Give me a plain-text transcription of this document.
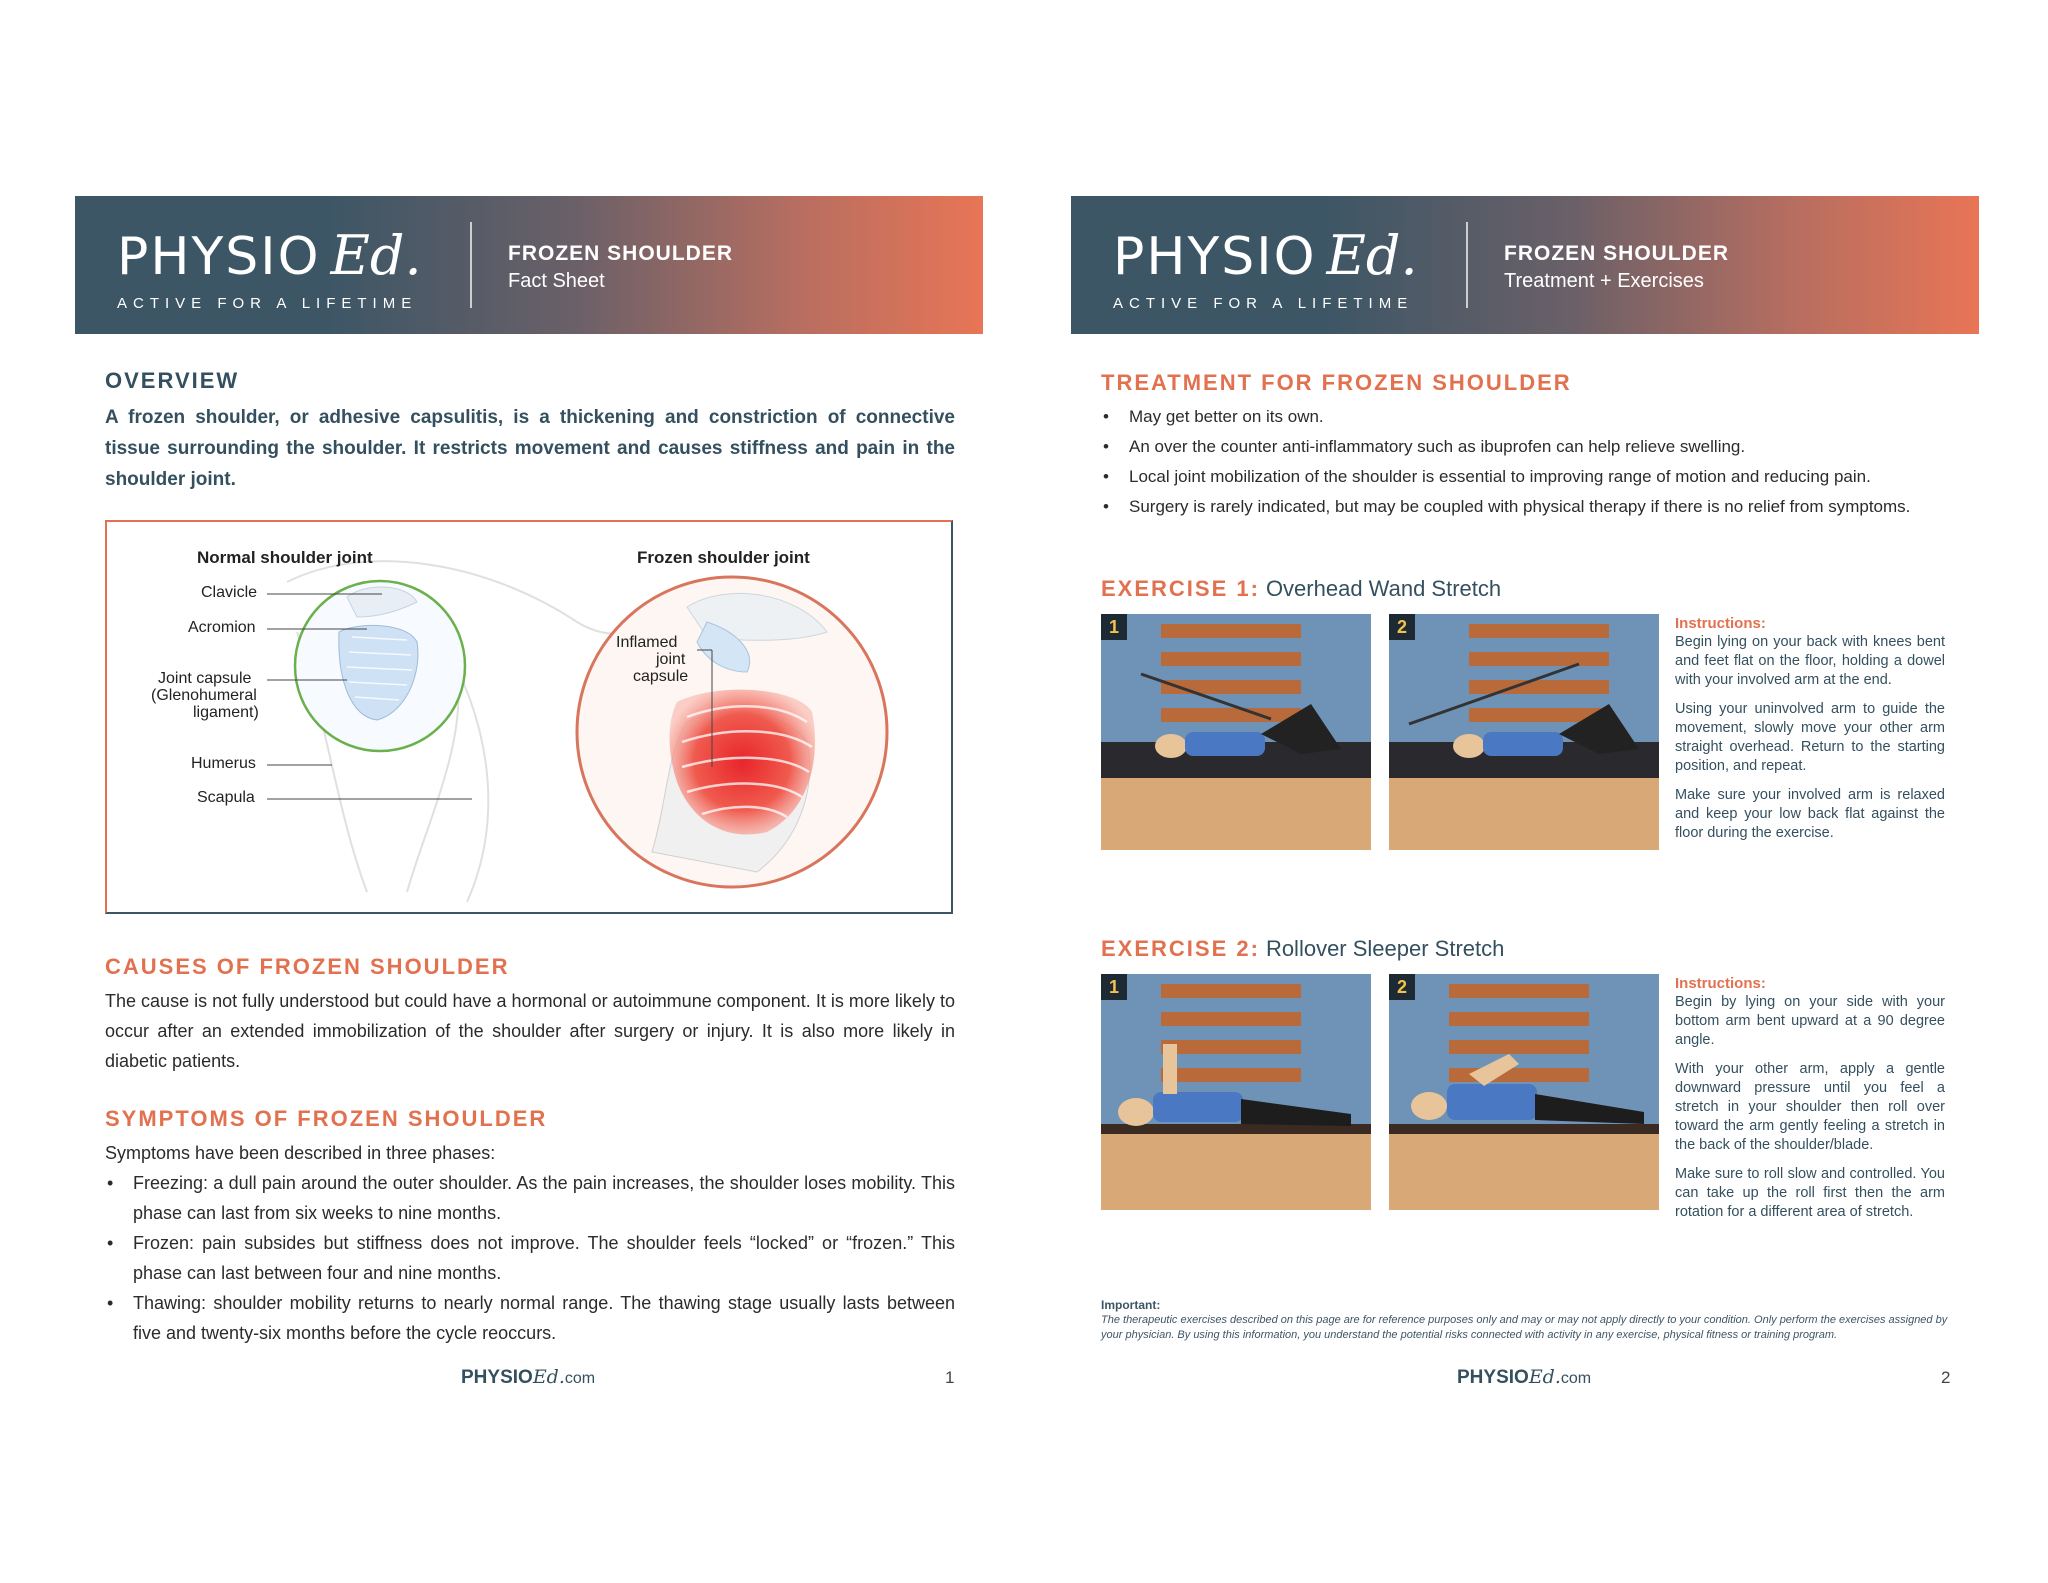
PHYSIO Ed.
ACTIVE FOR A LIFETIME
FROZEN SHOULDER
Fact Sheet
OVERVIEW
A frozen shoulder, or adhesive capsulitis, is a thickening and constriction of connective tissue surrounding the shoulder. It restricts movement and causes stiffness and pain in the shoulder joint.
Normal shoulder joint	Frozen shoulder joint
Clavicle
Acromion
Joint capsule
(Glenohumeral
ligament)
Humerus
Scapula
Inflamed
joint
capsule
CAUSES OF FROZEN SHOULDER
The cause is not fully understood but could have a hormonal or autoimmune component. It is more likely to occur after an extended immobilization of the shoulder after surgery or injury. It is also more likely in diabetic patients.
SYMPTOMS OF FROZEN SHOULDER
Symptoms have been described in three phases:
• Freezing: a dull pain around the outer shoulder. As the pain increases, the shoulder loses mobility. This phase can last from six weeks to nine months.
• Frozen: pain subsides but stiffness does not improve. The shoulder feels “locked” or “frozen.” This phase can last between four and nine months.
• Thawing: shoulder mobility returns to nearly normal range. The thawing stage usually lasts between five and twenty-six months before the cycle reoccurs.
PHYSIOEd.com	1
PHYSIO Ed.
ACTIVE FOR A LIFETIME
FROZEN SHOULDER
Treatment + Exercises
TREATMENT FOR FROZEN SHOULDER
• May get better on its own.
• An over the counter anti-inflammatory such as ibuprofen can help relieve swelling.
• Local joint mobilization of the shoulder is essential to improving range of motion and reducing pain.
• Surgery is rarely indicated, but may be coupled with physical therapy if there is no relief from symptoms.
EXERCISE 1: Overhead Wand Stretch
1	2	Instructions:

Begin lying on your back with knees bent and feet flat on the floor, holding a dowel with your involved arm at the end.

Using your uninvolved arm to guide the movement, slowly move your other arm straight overhead. Return to the starting position, and repeat.

Make sure your involved arm is relaxed and keep your low back flat against the floor during the exercise.

EXERCISE 2: Rollover Sleeper Stretch
1	2	Instructions:

Begin by lying on your side with your bottom arm bent upward at a 90 degree angle.

With your other arm, apply a gentle downward pressure until you feel a stretch in your shoulder then roll over toward the arm gently feeling a stretch in the back of the shoulder/blade.

Make sure to roll slow and controlled. You can take up the roll first then the arm rotation for a different area of stretch.

Important:
The therapeutic exercises described on this page are for reference purposes only and may or may not apply directly to your condition. Only perform the exercises assigned by your physician. By using this information, you understand the potential risks connected with activity in any exercise, physical fitness or training program.
PHYSIOEd.com	2
